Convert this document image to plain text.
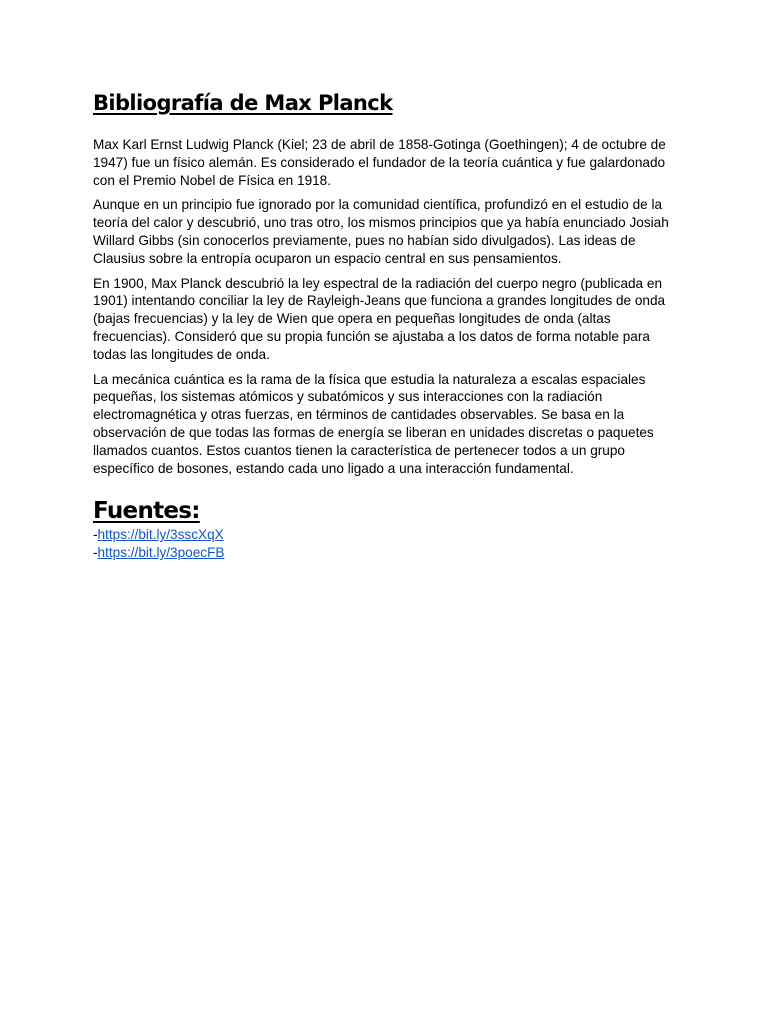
Bibliografía de Max Planck

Max Karl Ernst Ludwig Planck (Kiel; 23 de abril de 1858-Gotinga (Goethingen); 4 de octubre de 1947) fue un físico alemán. Es considerado el fundador de la teoría cuántica y fue galardonado con el Premio Nobel de Física en 1918.

Aunque en un principio fue ignorado por la comunidad científica, profundizó en el estudio de la teoría del calor y descubrió, uno tras otro, los mismos principios que ya había enunciado Josiah Willard Gibbs (sin conocerlos previamente, pues no habían sido divulgados). Las ideas de Clausius sobre la entropía ocuparon un espacio central en sus pensamientos.

En 1900, Max Planck descubrió la ley espectral de la radiación del cuerpo negro (publicada en 1901) intentando conciliar la ley de Rayleigh-Jeans que funciona a grandes longitudes de onda (bajas frecuencias) y la ley de Wien que opera en pequeñas longitudes de onda (altas frecuencias). Consideró que su propia función se ajustaba a los datos de forma notable para todas las longitudes de onda.

La mecánica cuántica es la rama de la física que estudia la naturaleza a escalas espaciales pequeñas, los sistemas atómicos y subatómicos y sus interacciones con la radiación electromagnética y otras fuerzas, en términos de cantidades observables. Se basa en la observación de que todas las formas de energía se liberan en unidades discretas o paquetes llamados cuantos. Estos cuantos tienen la característica de pertenecer todos a un grupo específico de bosones, estando cada uno ligado a una interacción fundamental.

Fuentes:
-https://bit.ly/3sscXqX
-https://bit.ly/3poecFB
